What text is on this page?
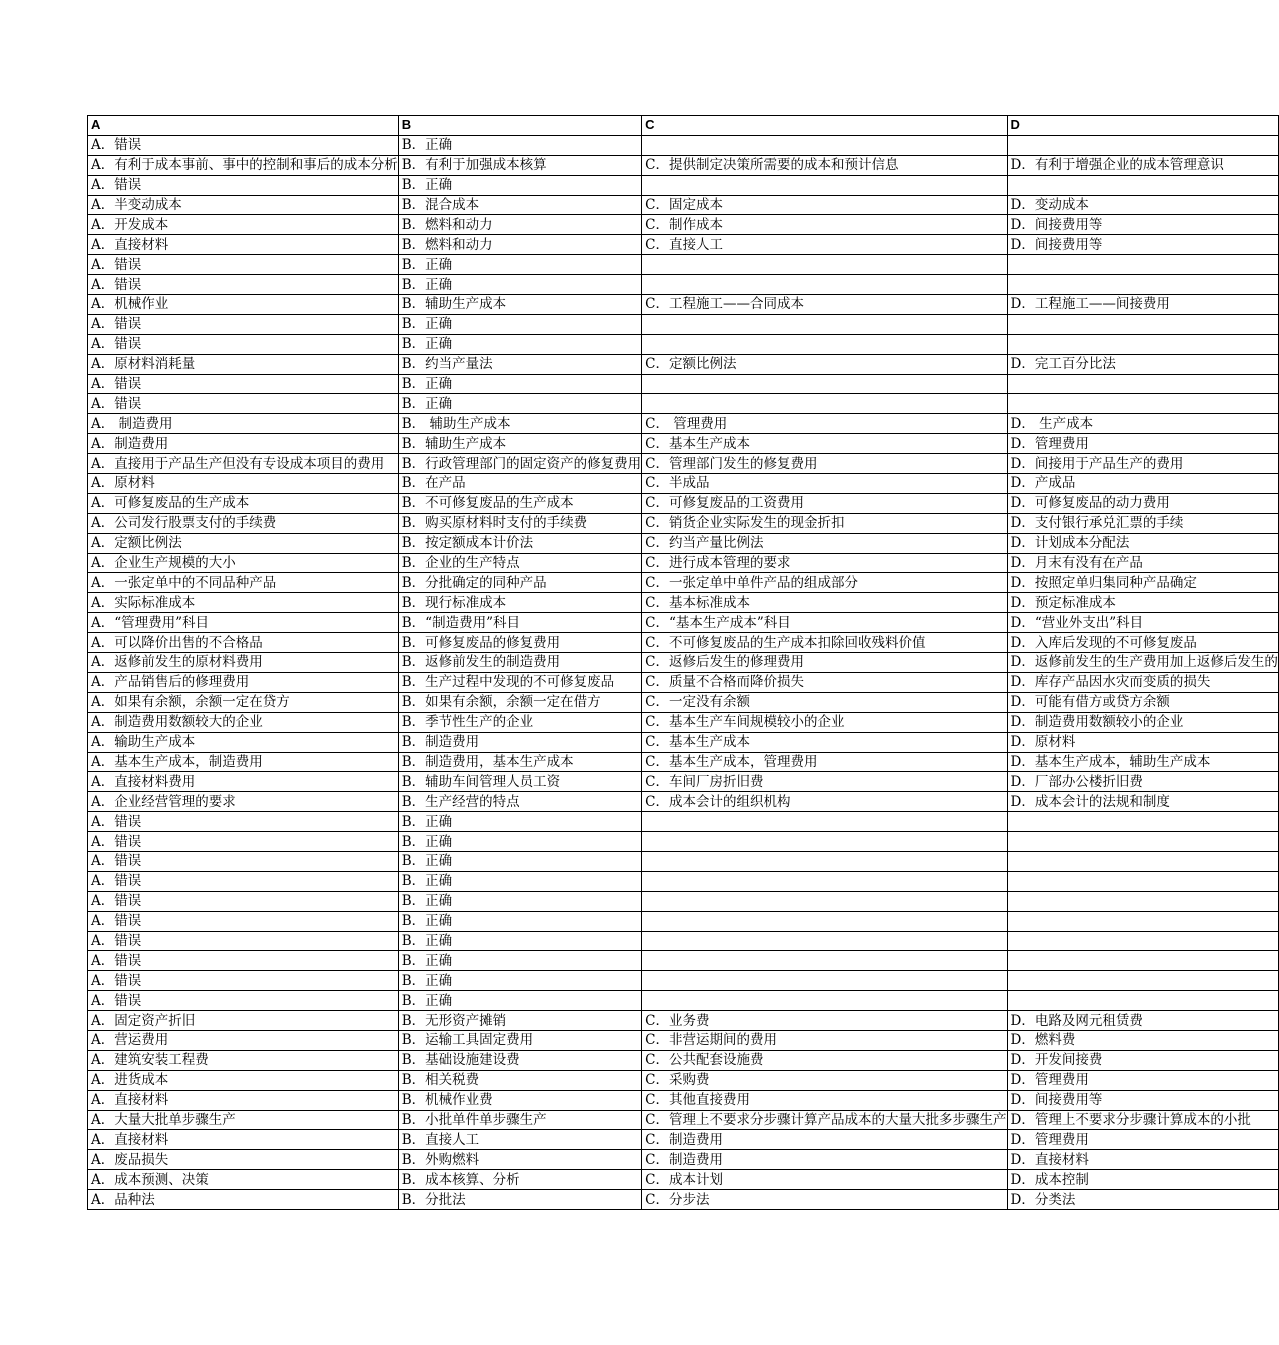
A	B	C	D
A．错误	B．正确		
A．有利于成本事前、事中的控制和事后的成本分析	B．有利于加强成本核算	C．提供制定决策所需要的成本和预计信息	D．有利于增强企业的成本管理意识
A．错误	B．正确		
A．半变动成本	B．混合成本	C．固定成本	D．变动成本
A．开发成本	B．燃料和动力	C．制作成本	D．间接费用等
A．直接材料	B．燃料和动力	C．直接人工	D．间接费用等
A．错误	B．正确		
A．错误	B．正确		
A．机械作业	B．辅助生产成本	C．工程施工——合同成本	D．工程施工——间接费用
A．错误	B．正确		
A．错误	B．正确		
A．原材料消耗量	B．约当产量法	C．定额比例法	D．完工百分比法
A．错误	B．正确		
A．错误	B．正确		
A． 制造费用	B． 辅助生产成本	C． 管理费用	D． 生产成本
A．制造费用	B．辅助生产成本	C．基本生产成本	D．管理费用
A．直接用于产品生产但没有专设成本项目的费用	B．行政管理部门的固定资产的修复费用	C．管理部门发生的修复费用	D．间接用于产品生产的费用
A．原材料	B．在产品	C．半成品	D．产成品
A．可修复废品的生产成本	B．不可修复废品的生产成本	C．可修复废品的工资费用	D．可修复废品的动力费用
A．公司发行股票支付的手续费	B．购买原材料时支付的手续费	C．销货企业实际发生的现金折扣	D．支付银行承兑汇票的手续
A．定额比例法	B．按定额成本计价法	C．约当产量比例法	D．计划成本分配法
A．企业生产规模的大小	B．企业的生产特点	C．进行成本管理的要求	D．月末有没有在产品
A．一张定单中的不同品种产品	B．分批确定的同种产品	C．一张定单中单件产品的组成部分	D．按照定单归集同种产品确定
A．实际标准成本	B．现行标准成本	C．基本标准成本	D．预定标准成本
A．“管理费用”科目	B．“制造费用”科目	C．“基本生产成本”科目	D．“营业外支出”科目
A．可以降价出售的不合格品	B．可修复废品的修复费用	C．不可修复废品的生产成本扣除回收残料价值	D．入库后发现的不可修复废品
A．返修前发生的原材料费用	B．返修前发生的制造费用	C．返修后发生的修理费用	D．返修前发生的生产费用加上返修后发生的
A．产品销售后的修理费用	B．生产过程中发现的不可修复废品	C．质量不合格而降价损失	D．库存产品因水灾而变质的损失
A．如果有余额，余额一定在贷方	B．如果有余额，余额一定在借方	C．一定没有余额	D．可能有借方或贷方余额
A．制造费用数额较大的企业	B．季节性生产的企业	C．基本生产车间规模较小的企业	D．制造费用数额较小的企业
A．输助生产成本	B．制造费用	C．基本生产成本	D．原材料
A．基本生产成本，制造费用	B．制造费用，基本生产成本	C．基本生产成本，管理费用	D．基本生产成本，辅助生产成本
A．直接材料费用	B．辅助车间管理人员工资	C．车间厂房折旧费	D．厂部办公楼折旧费
A．企业经营管理的要求	B．生产经营的特点	C．成本会计的组织机构	D．成本会计的法规和制度
A．错误	B．正确		
A．错误	B．正确		
A．错误	B．正确		
A．错误	B．正确		
A．错误	B．正确		
A．错误	B．正确		
A．错误	B．正确		
A．错误	B．正确		
A．错误	B．正确		
A．错误	B．正确		
A．固定资产折旧	B．无形资产摊销	C．业务费	D．电路及网元租赁费
A．营运费用	B．运输工具固定费用	C．非营运期间的费用	D．燃料费
A．建筑安装工程费	B．基础设施建设费	C．公共配套设施费	D．开发间接费
A．进货成本	B．相关税费	C．采购费	D．管理费用
A．直接材料	B．机械作业费	C．其他直接费用	D．间接费用等
A．大量大批单步骤生产	B．小批单件单步骤生产	C．管理上不要求分步骤计算产品成本的大量大批多步骤生产	D．管理上不要求分步骤计算成本的小批
A．直接材料	B．直接人工	C．制造费用	D．管理费用
A．废品损失	B．外购燃料	C．制造费用	D．直接材料
A．成本预测、决策	B．成本核算、分析	C．成本计划	D．成本控制
A．品种法	B．分批法	C．分步法	D．分类法
